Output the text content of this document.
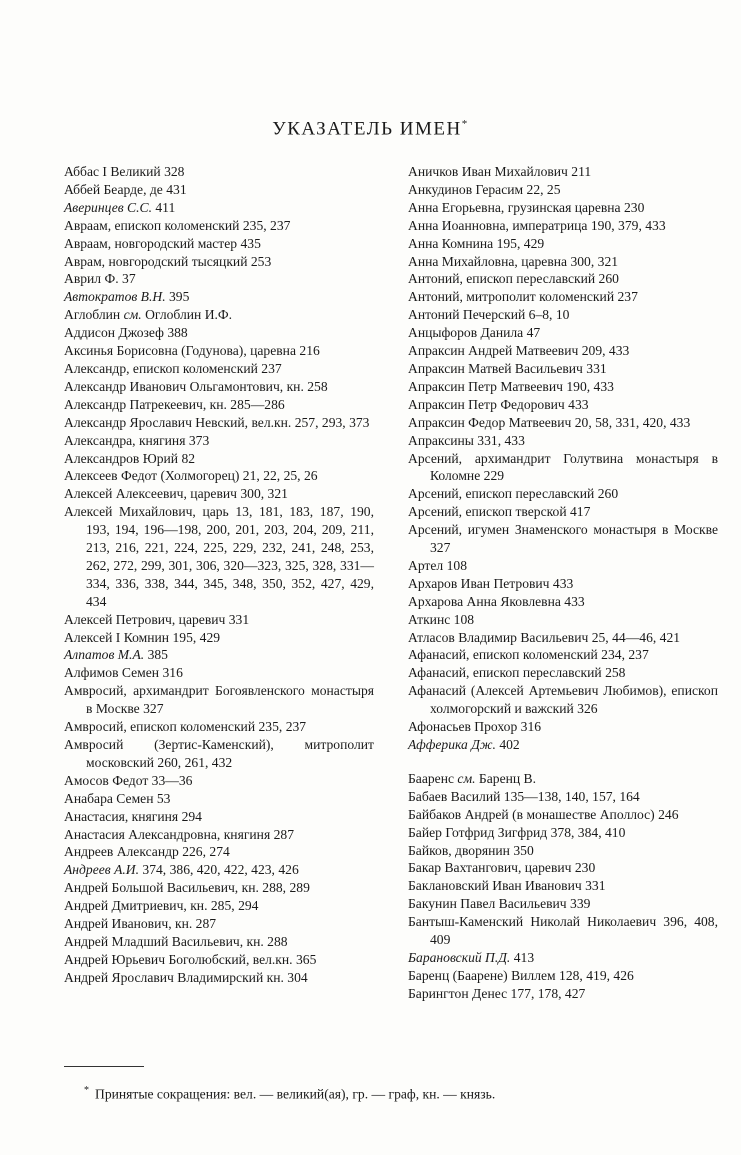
УКАЗАТЕЛЬ ИМЕН*

Аббас I Великий 328

Аббей Беарде, де 431

Аверинцев С.С. 411

Авраам, епископ коломенский 235, 237

Авраам, новгородский мастер 435

Аврам, новгородский тысяцкий 253

Аврил Ф. 37

Автократов В.Н. 395

Аглоблин см. Оглоблин И.Ф.

Аддисон Джозеф 388

Аксинья Борисовна (Годунова), царевна 216

Александр, епископ коломенский 237

Александр Иванович Ольгамонтович, кн. 258

Александр Патрекеевич, кн. 285—286

Александр Ярославич Невский, вел.кн. 257, 293, 373

Александра, княгиня 373

Александров Юрий 82

Алексеев Федот (Холмогорец) 21, 22, 25, 26

Алексей Алексеевич, царевич 300, 321

Алексей Михайлович, царь 13, 181, 183, 187, 190, 193, 194, 196—198, 200, 201, 203, 204, 209, 211, 213, 216, 221, 224, 225, 229, 232, 241, 248, 253, 262, 272, 299, 301, 306, 320—323, 325, 328, 331—334, 336, 338, 344, 345, 348, 350, 352, 427, 429, 434

Алексей Петрович, царевич 331

Алексей I Комнин 195, 429

Алпатов М.А. 385

Алфимов Семен 316

Амвросий, архимандрит Богоявленского монастыря в Москве 327

Амвросий, епископ коломенский 235, 237

Амвросий (Зертис-Каменский), митрополит московский 260, 261, 432

Амосов Федот 33—36

Анабара Семен 53

Анастасия, княгиня 294

Анастасия Александровна, княгиня 287

Андреев Александр 226, 274

Андреев А.И. 374, 386, 420, 422, 423, 426

Андрей Большой Васильевич, кн. 288, 289

Андрей Дмитриевич, кн. 285, 294

Андрей Иванович, кн. 287

Андрей Младший Васильевич, кн. 288

Андрей Юрьевич Боголюбский, вел.кн. 365

Андрей Ярославич Владимирский кн. 304

Аничков Иван Михайлович 211

Анкудинов Герасим 22, 25

Анна Егорьевна, грузинская царевна 230

Анна Иоанновна, императрица 190, 379, 433

Анна Комнина 195, 429

Анна Михайловна, царевна 300, 321

Антоний, епископ переславский 260

Антоний, митрополит коломенский 237

Антоний Печерский 6–8, 10

Анцыфоров Данила 47

Апраксин Андрей Матвеевич 209, 433

Апраксин Матвей Васильевич 331

Апраксин Петр Матвеевич 190, 433

Апраксин Петр Федорович 433

Апраксин Федор Матвеевич 20, 58, 331, 420, 433

Апраксины 331, 433

Арсений, архимандрит Голутвина монастыря в Коломне 229

Арсений, епископ переславский 260

Арсений, епископ тверской 417

Арсений, игумен Знаменского монастыря в Москве 327

Артел 108

Архаров Иван Петрович 433

Архарова Анна Яковлевна 433

Аткинс 108

Атласов Владимир Васильевич 25, 44—46, 421

Афанасий, епископ коломенский 234, 237

Афанасий, епископ переславский 258

Афанасий (Алексей Артемьевич Любимов), епископ холмогорский и важский 326

Афонасьев Прохор 316

Афферика Дж. 402

Бааренс см. Баренц В.

Бабаев Василий 135—138, 140, 157, 164

Байбаков Андрей (в монашестве Аполлос) 246

Байер Готфрид Зигфрид 378, 384, 410

Байков, дворянин 350

Бакар Вахтангович, царевич 230

Баклановский Иван Иванович 331

Бакунин Павел Васильевич 339

Бантыш-Каменский Николай Николаевич 396, 408, 409

Барановский П.Д. 413

Баренц (Баарене) Виллем 128, 419, 426

Барингтон Денес 177, 178, 427

* Принятые сокращения: вел. — великий(ая), гр. — граф, кн. — князь.
